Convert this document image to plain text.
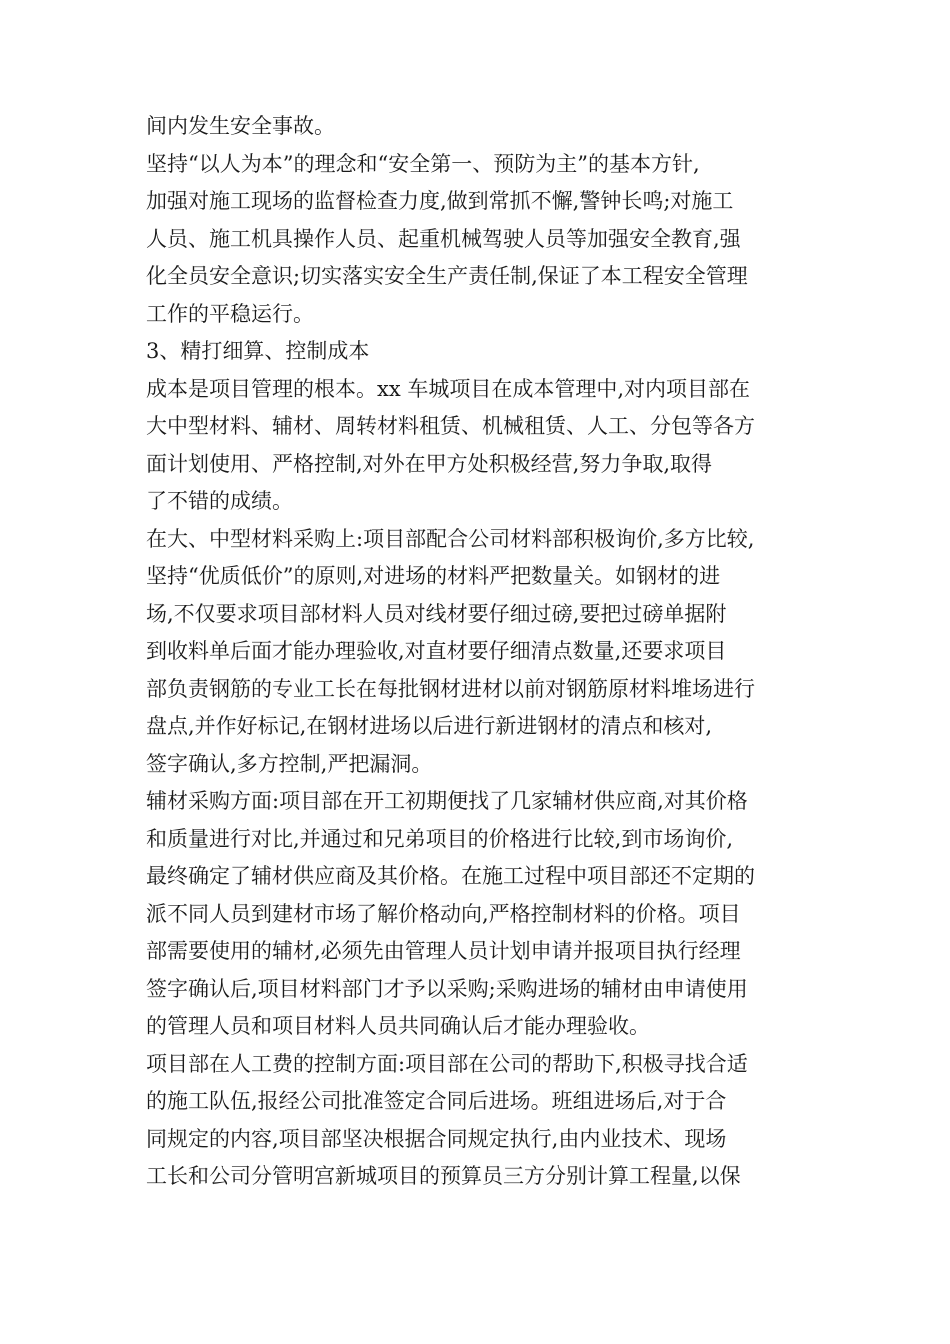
间内发生安全事故。
坚持“以人为本”的理念和“安全第一、预防为主”的基本方针,
加强对施工现场的监督检查力度,做到常抓不懈,警钟长鸣;对施工
人员、施工机具操作人员、起重机械驾驶人员等加强安全教育,强
化全员安全意识;切实落实安全生产责任制,保证了本工程安全管理
工作的平稳运行。
3、精打细算、控制成本
成本是项目管理的根本。xx 车城项目在成本管理中,对内项目部在
大中型材料、辅材、周转材料租赁、机械租赁、人工、分包等各方
面计划使用、严格控制,对外在甲方处积极经营,努力争取,取得
了不错的成绩。
在大、中型材料采购上:项目部配合公司材料部积极询价,多方比较,
坚持“优质低价”的原则,对进场的材料严把数量关。如钢材的进
场,不仅要求项目部材料人员对线材要仔细过磅,要把过磅单据附
到收料单后面才能办理验收,对直材要仔细清点数量,还要求项目
部负责钢筋的专业工长在每批钢材进材以前对钢筋原材料堆场进行
盘点,并作好标记,在钢材进场以后进行新进钢材的清点和核对,
签字确认,多方控制,严把漏洞。
辅材采购方面:项目部在开工初期便找了几家辅材供应商,对其价格
和质量进行对比,并通过和兄弟项目的价格进行比较,到市场询价,
最终确定了辅材供应商及其价格。在施工过程中项目部还不定期的
派不同人员到建材市场了解价格动向,严格控制材料的价格。项目
部需要使用的辅材,必须先由管理人员计划申请并报项目执行经理
签字确认后,项目材料部门才予以采购;采购进场的辅材由申请使用
的管理人员和项目材料人员共同确认后才能办理验收。
项目部在人工费的控制方面:项目部在公司的帮助下,积极寻找合适
的施工队伍,报经公司批准签定合同后进场。班组进场后,对于合
同规定的内容,项目部坚决根据合同规定执行,由内业技术、现场
工长和公司分管明宫新城项目的预算员三方分别计算工程量,以保
